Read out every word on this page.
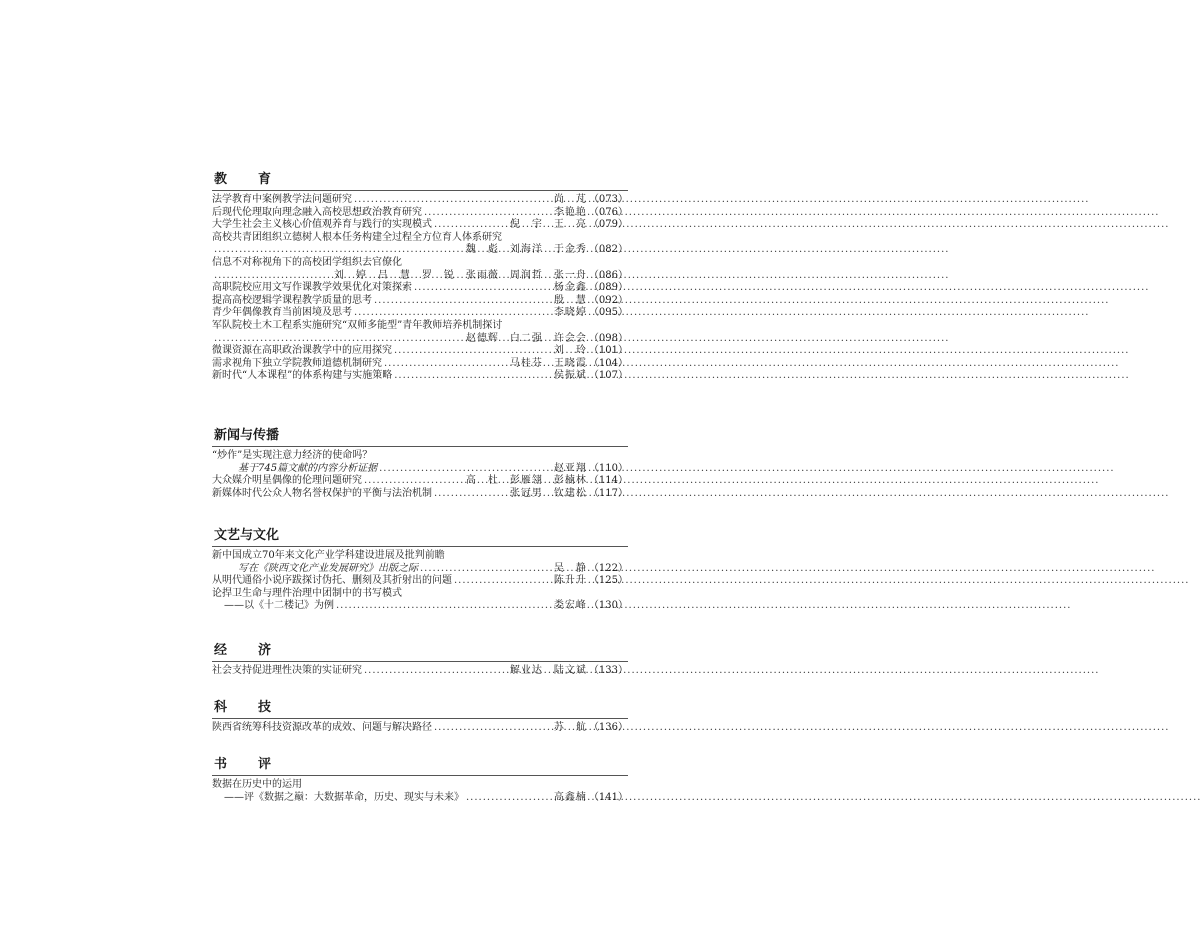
教　育
法学教育中案例教学法问题研究 .....	尚　芃 （073）
后现代伦理取向理念融入高校思想政治教育研究 .....	李艳艳 （076）
大学生社会主义核心价值观养育与践行的实现模式 .....	倪　宇　王　亮 （079）
高校共青团组织立德树人根本任务构建全过程全方位育人体系研究
.....
魏　彪　刘海洋　于金秀 （082）
信息不对称视角下的高校团学组织去官僚化
.....
刘　婷　吕　慧　罗　锐　张雨薇　周润哲　张一舟 （086）
高职院校应用文写作课教学效果优化对策探索 .....	杨金鑫 （089）
提高高校逻辑学课程教学质量的思考 .....	殷　慧 （092）
青少年偶像教育当前困境及思考 .....	李晓婷 （095）
军队院校土木工程系实施研究“双师多能型”青年教师培养机制探讨
.....
赵德辉　白二强　许会会 （098）
微课资源在高职政治课教学中的应用探究 .....	刘　玲 （101）
需求视角下独立学院教师道德机制研究 .....	马桂芬　王晓霞 （104）
新时代“人本课程”的体系构建与实施策略 .....	侯振斌 （107）
新闻与传播
“炒作”是实现注意力经济的使命吗？
基于745篇文献的内容分析证据 .....	赵亚翔 （110）
大众媒介明星偶像的伦理问题研究 .....	高　杜　彭雁翎　彭楠林 （114）
新媒体时代公众人物名誉权保护的平衡与法治机制 .....	张冠男　钦建松 （117）
文艺与文化
新中国成立70年来文化产业学科建设进展及批判前瞻
写在《陕西文化产业发展研究》出版之际 .....	吴　静 （122）
从明代通俗小说序跋探讨伪托、删刻及其折射出的问题 .....	陈升升 （125）
论捍卫生命与理件治理中团制中的书写模式
——以《十二楼记》为例 .....	娄宏峰 （130）
经　济
社会支持促进理性决策的实证研究 .....	解业达　陆文斌 （133）
科　技
陕西省统筹科技资源改革的成效、问题与解决路径 .....	苏　航 （136）
书　评
数据在历史中的运用
——评《数据之巅：大数据革命，历史、现实与未来》 .....	高鑫楠 （141）
